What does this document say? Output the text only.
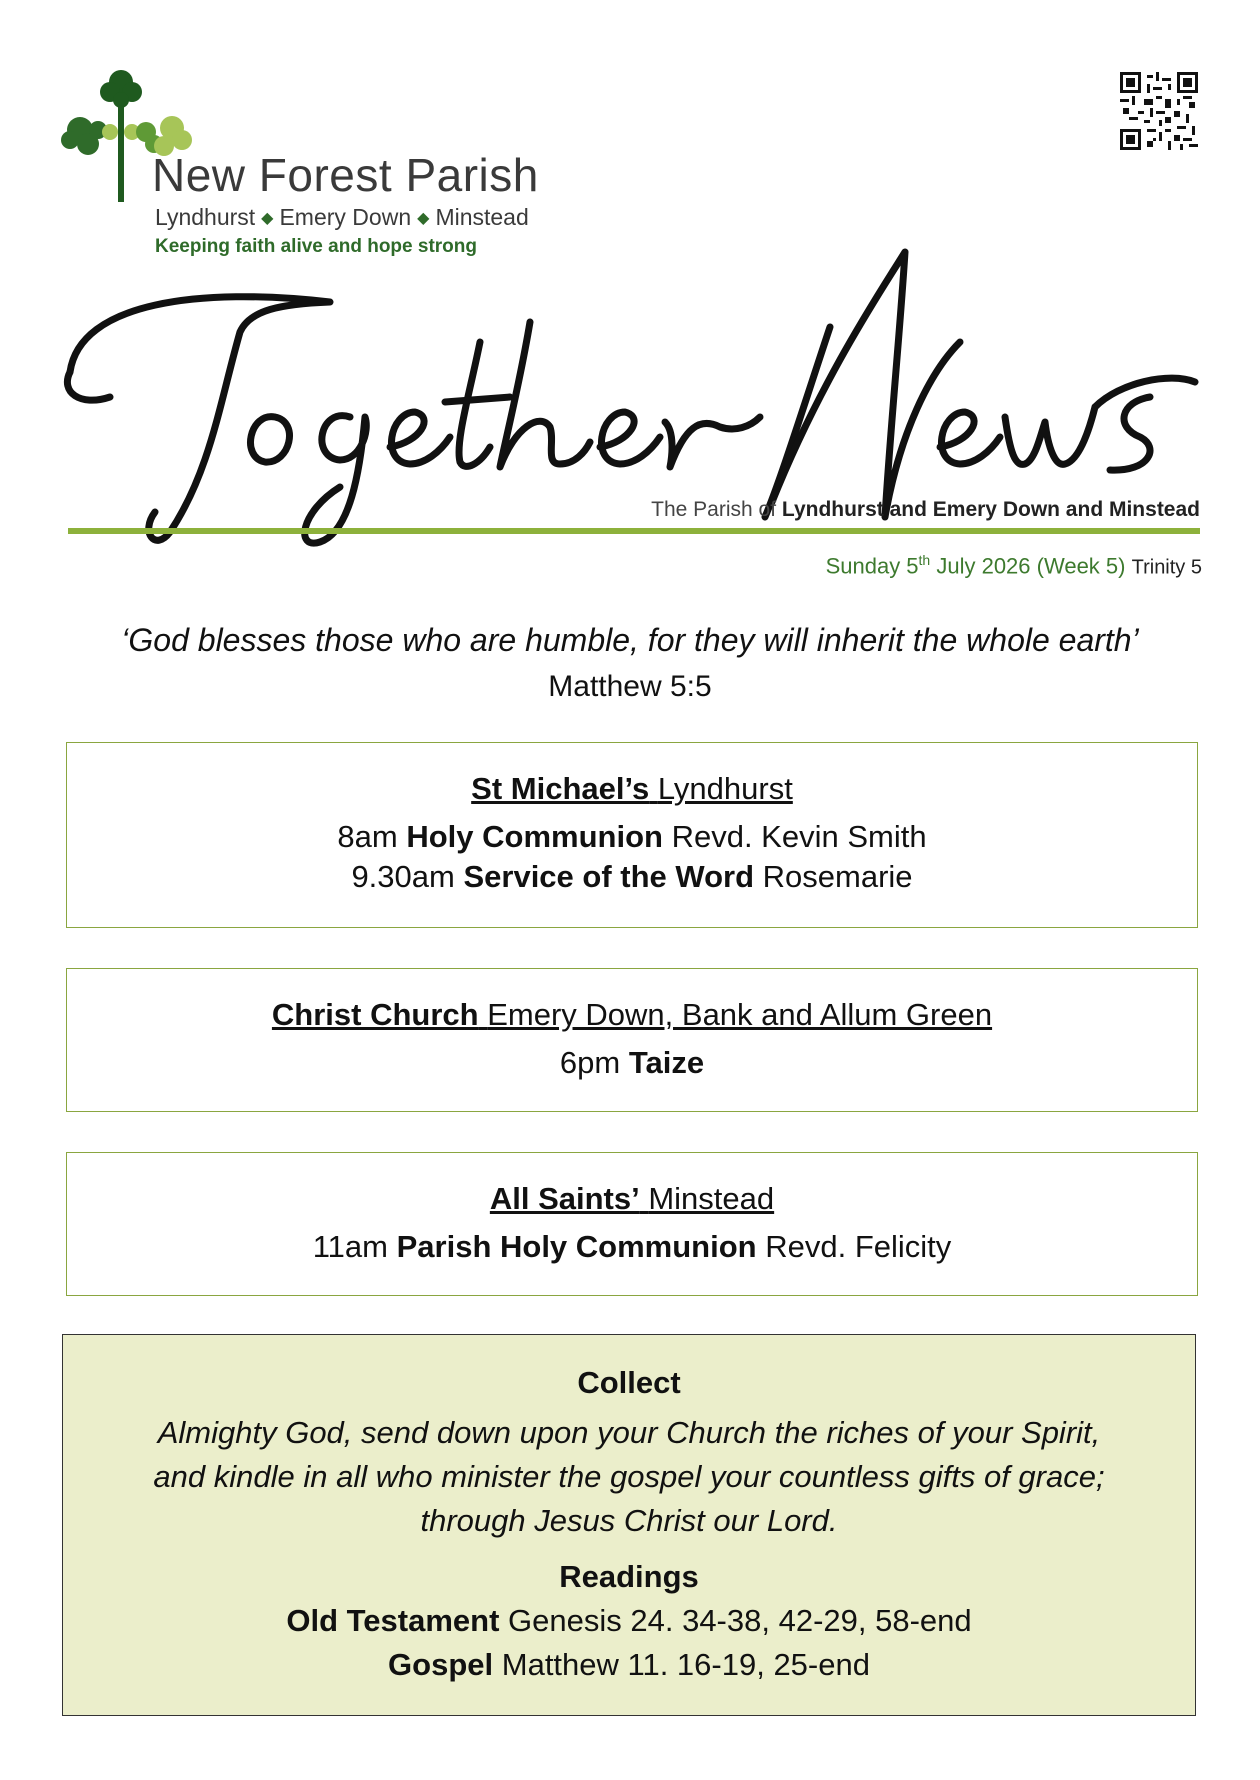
New Forest Parish
Lyndhurst ◆ Emery Down ◆ Minstead
Keeping faith alive and hope strong
The Parish of Lyndhurst and Emery Down and Minstead
Sunday 5th July 2026 (Week 5) Trinity 5
‘God blesses those who are humble, for they will inherit the whole earth’
Matthew 5:5
St Michael’s Lyndhurst
8am Holy Communion Revd. Kevin Smith
9.30am Service of the Word Rosemarie
Christ Church Emery Down, Bank and Allum Green
6pm Taize
All Saints’ Minstead
11am Parish Holy Communion Revd. Felicity
Collect

Almighty God, send down upon your Church the riches of your Spirit,
and kindle in all who minister the gospel your countless gifts of grace;
through Jesus Christ our Lord.

Readings
Old Testament Genesis 24. 34-38, 42-29, 58-end
Gospel Matthew 11. 16-19, 25-end
